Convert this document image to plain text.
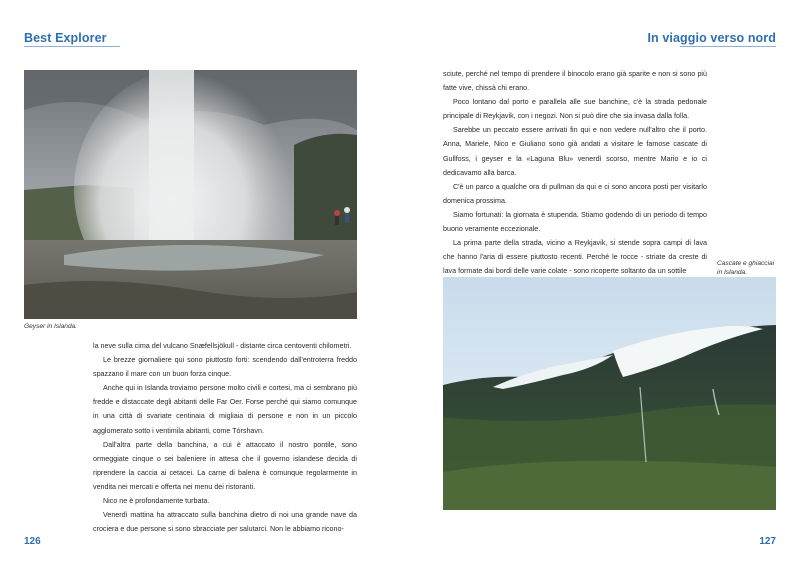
Best Explorer
Geyser in Islanda.

la neve sulla cima del vulcano Snæfellsjökull - distante circa centoventi chilometri.

Le brezze giornaliere qui sono piuttosto forti: scendendo dall'entroterra freddo spazzano il mare con un buon forza cinque.

Anche qui in Islanda troviamo persone molto civili e cortesi, ma ci sembrano più fredde e distaccate degli abitanti delle Far Oer. Forse perché qui siamo comunque in una città di svariate centinaia di migliaia di persone e non in un piccolo agglomerato sotto i ventimila abitanti, come Tórshavn.

Dall'altra parte della banchina, a cui è attaccato il nostro pontile, sono ormeggiate cinque o sei baleniere in attesa che il governo islandese decida di riprendere la caccia ai cetacei. La carne di balena è comunque regolarmente in vendita nei mercati e offerta nei menu dei ristoranti.

Nico ne è profondamente turbata.

Venerdì mattina ha attraccato sulla banchina dietro di noi una grande nave da crociera e due persone si sono sbracciate per salutarci. Non le abbiamo ricono-

126
In viaggio verso nord

sciute, perché nel tempo di prendere il binocolo erano già sparite e non si sono più fatte vive, chissà chi erano.

Poco lontano dal porto e parallela alle sue banchine, c'è la strada pedonale principale di Reykjavik, con i negozi. Non si può dire che sia invasa dalla folla.

Sarebbe un peccato essere arrivati fin qui e non vedere null'altro che il porto. Anna, Mariele, Nico e Giuliano sono già andati a visitare le famose cascate di Gullfoss, i geyser e la «Laguna Blu» venerdì scorso, mentre Mario e io ci dedicavamo alla barca.

C'è un parco a qualche ora di pullman da qui e ci sono ancora posti per visitarlo domenica prossima.

Siamo fortunati: la giornata è stupenda. Stiamo godendo di un periodo di tempo buono veramente eccezionale.

La prima parte della strada, vicino a Reykjavik, si stende sopra campi di lava che hanno l'aria di essere piuttosto recenti. Perché le rocce - striate da creste di lava formate dai bordi delle varie colate - sono ricoperte soltanto da un sottile

Cascate e ghiacciai
in Islanda.
127
